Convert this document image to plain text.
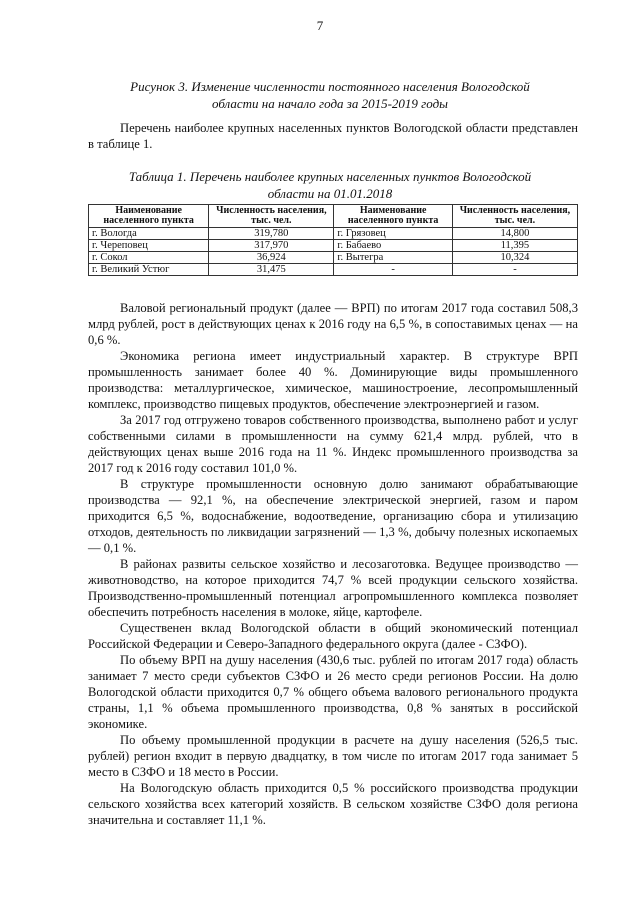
7
Рисунок 3. Изменение численности постоянного населения Вологодской
области на начало года за 2015-2019 годы

Перечень наиболее крупных населенных пунктов Вологодской области представлен в таблице 1.

Таблица 1. Перечень наиболее крупных населенных пунктов Вологодской
области на 01.01.2018
Наименование населенного пункта	Численность населения, тыс. чел.	Наименование населенного пункта	Численность населения, тыс. чел.
г. Вологда	319,780	г. Грязовец	14,800
г. Череповец	317,970	г. Бабаево	11,395
г. Сокол	36,924	г. Вытегра	10,324
г. Великий Устюг	31,475	-	-

Валовой региональный продукт (далее — ВРП) по итогам 2017 года составил 508,3 млрд рублей, рост в действующих ценах к 2016 году на 6,5 %, в сопоставимых ценах — на 0,6 %.

Экономика региона имеет индустриальный характер. В структуре ВРП промышленность занимает более 40 %. Доминирующие виды промышленного производства: металлургическое, химическое, машиностроение, лесопромышленный комплекс, производство пищевых продуктов, обеспечение электроэнергией и газом.

За 2017 год отгружено товаров собственного производства, выполнено работ и услуг собственными силами в промышленности на сумму 621,4 млрд. рублей, что в действующих ценах выше 2016 года на 11 %. Индекс промышленного производства за 2017 год к 2016 году составил 101,0 %.

В структуре промышленности основную долю занимают обрабатывающие производства — 92,1 %, на обеспечение электрической энергией, газом и паром приходится 6,5 %, водоснабжение, водоотведение, организацию сбора и утилизацию отходов, деятельность по ликвидации загрязнений — 1,3 %, добычу полезных ископаемых — 0,1 %.

В районах развиты сельское хозяйство и лесозаготовка. Ведущее производство — животноводство, на которое приходится 74,7 % всей продукции сельского хозяйства. Производственно-промышленный потенциал агропромышленного комплекса позволяет обеспечить потребность населения в молоке, яйце, картофеле.

Существенен вклад Вологодской области в общий экономический потенциал Российской Федерации и Северо-Западного федерального округа (далее - СЗФО).

По объему ВРП на душу населения (430,6 тыс. рублей по итогам 2017 года) область занимает 7 место среди субъектов СЗФО и 26 место среди регионов России. На долю Вологодской области приходится 0,7 % общего объема валового регионального продукта страны, 1,1 % объема промышленного производства, 0,8 % занятых в российской экономике.

По объему промышленной продукции в расчете на душу населения (526,5 тыс. рублей) регион входит в первую двадцатку, в том числе по итогам 2017 года занимает 5 место в СЗФО и 18 место в России.

На Вологодскую область приходится 0,5 % российского производства продукции сельского хозяйства всех категорий хозяйств. В сельском хозяйстве СЗФО доля региона значительна и составляет 11,1 %.
